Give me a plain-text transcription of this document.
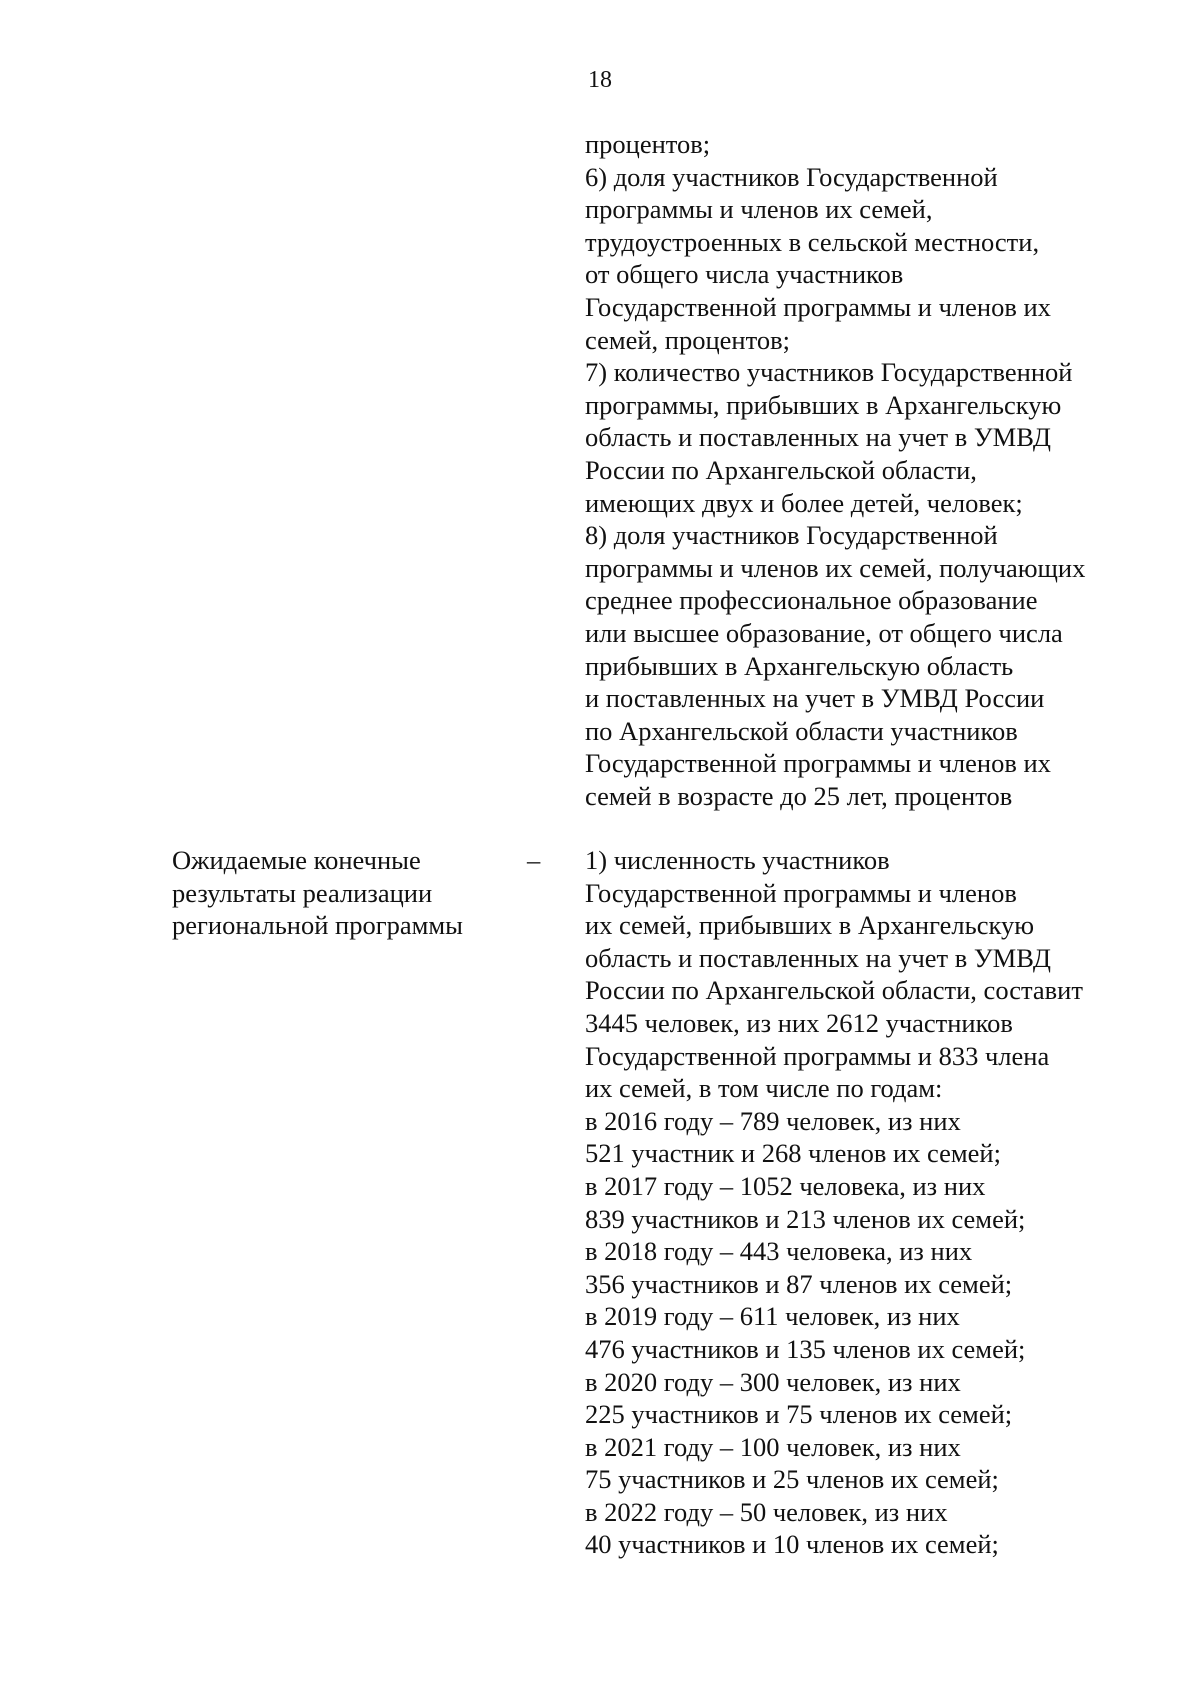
18
процентов;
6) доля участников Государственной
программы и членов их семей,
трудоустроенных в сельской местности,
от общего числа участников
Государственной программы и членов их
семей, процентов;
7) количество участников Государственной
программы, прибывших в Архангельскую
область и поставленных на учет в УМВД
России по Архангельской области,
имеющих двух и более детей, человек;
8) доля участников Государственной
программы и членов их семей, получающих
среднее профессиональное образование
или высшее образование, от общего числа
прибывших в Архангельскую область
и поставленных на учет в УМВД России
по Архангельской области участников
Государственной программы и членов их
семей в возрасте до 25 лет, процентов
Ожидаемые конечные
результаты реализации
региональной программы
– 1) численность участников
Государственной программы и членов
их семей, прибывших в Архангельскую
область и поставленных на учет в УМВД
России по Архангельской области, составит
3445 человек, из них 2612 участников
Государственной программы и 833 члена
их семей, в том числе по годам:
в 2016 году – 789 человек, из них
521 участник и 268 членов их семей;
в 2017 году – 1052 человека, из них
839 участников и 213 членов их семей;
в 2018 году – 443 человека, из них
356 участников и 87 членов их семей;
в 2019 году – 611 человек, из них
476 участников и 135 членов их семей;
в 2020 году – 300 человек, из них
225 участников и 75 членов их семей;
в 2021 году – 100 человек, из них
75 участников и 25 членов их семей;
в 2022 году – 50 человек, из них
40 участников и 10 членов их семей;
